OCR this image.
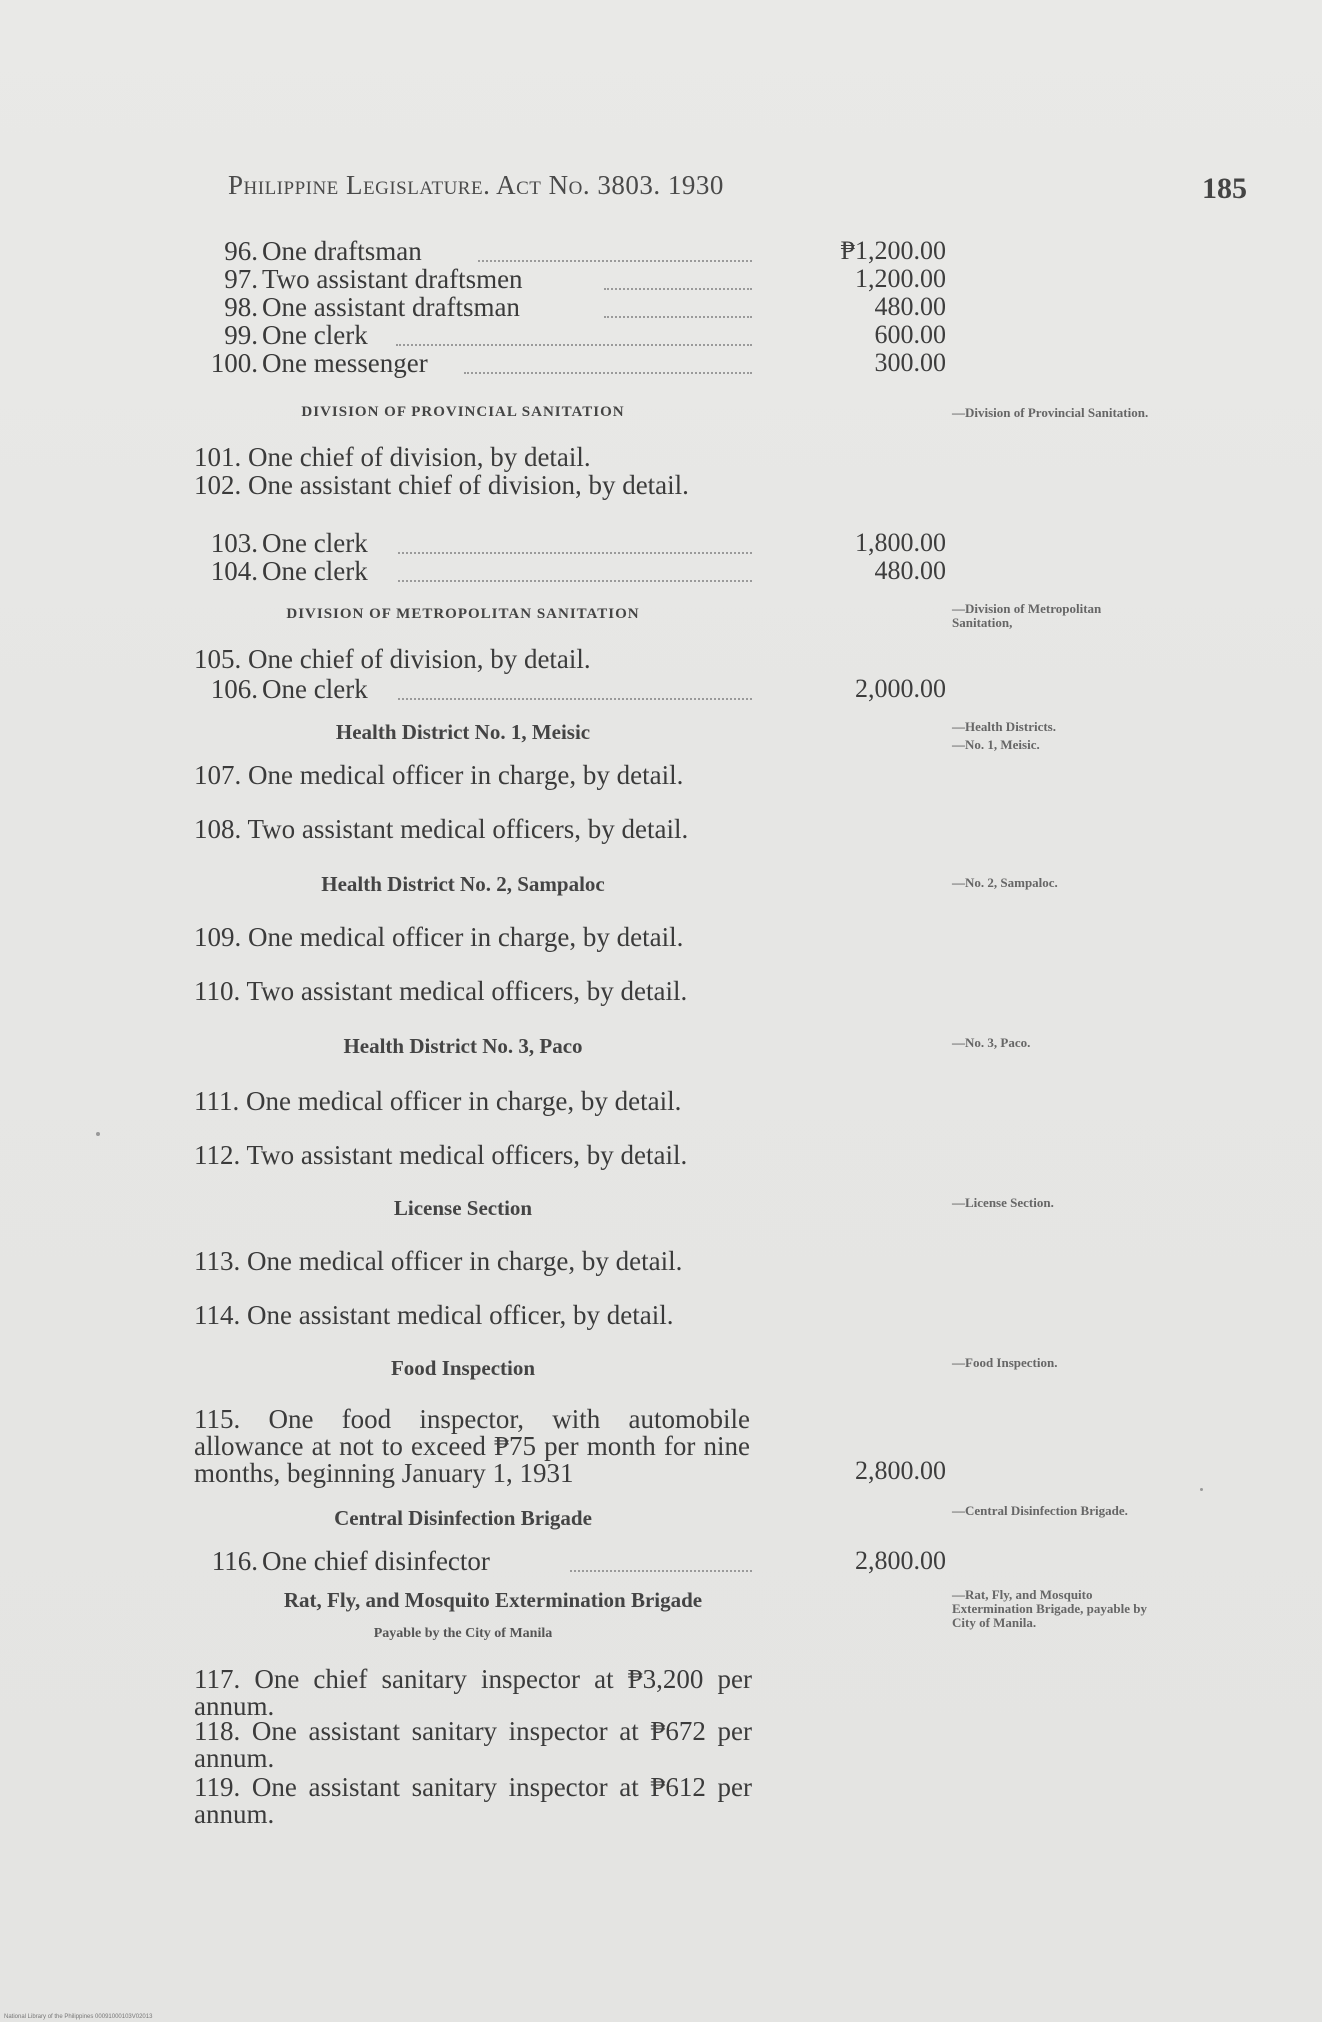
Philippine Legislature. Act No. 3803. 1930	185
96. One draftsman	₱1,200.00
97. Two assistant draftsmen	1,200.00
98. One assistant draftsman	480.00
99. One clerk	600.00
100. One messenger	300.00
DIVISION OF PROVINCIAL SANITATION	—Division of Provincial Sanitation.
101. One chief of division, by detail.
102. One assistant chief of division, by detail.
103. One clerk	1,800.00
104. One clerk	480.00
DIVISION OF METROPOLITAN SANITATION	—Division of Metropolitan Sanitation,
105. One chief of division, by detail.
106. One clerk	2,000.00
Health District No. 1, Meisic	—Health Districts.
—No. 1, Meisic.
107. One medical officer in charge, by detail.
108. Two assistant medical officers, by detail.
Health District No. 2, Sampaloc	—No. 2, Sampaloc.
109. One medical officer in charge, by detail.
110. Two assistant medical officers, by detail.
Health District No. 3, Paco	—No. 3, Paco.
111. One medical officer in charge, by detail.
112. Two assistant medical officers, by detail.
License Section	—License Section.
113. One medical officer in charge, by detail.
114. One assistant medical officer, by detail.
Food Inspection	—Food Inspection.
115. One food inspector, with automobile allowance at not to exceed ₱75 per month for nine months, beginning January 1, 1931	2,800.00
Central Disinfection Brigade	—Central Disinfection Brigade.
116. One chief disinfector	2,800.00
Rat, Fly, and Mosquito Extermination Brigade
Payable by the City of Manila
—Rat, Fly, and Mosquito Extermination Brigade, payable by City of Manila.
117. One chief sanitary inspector at ₱3,200 per annum.
118. One assistant sanitary inspector at ₱672 per annum.
119. One assistant sanitary inspector at ₱612 per annum.
National Library of the Philippines 00091000103V02013
